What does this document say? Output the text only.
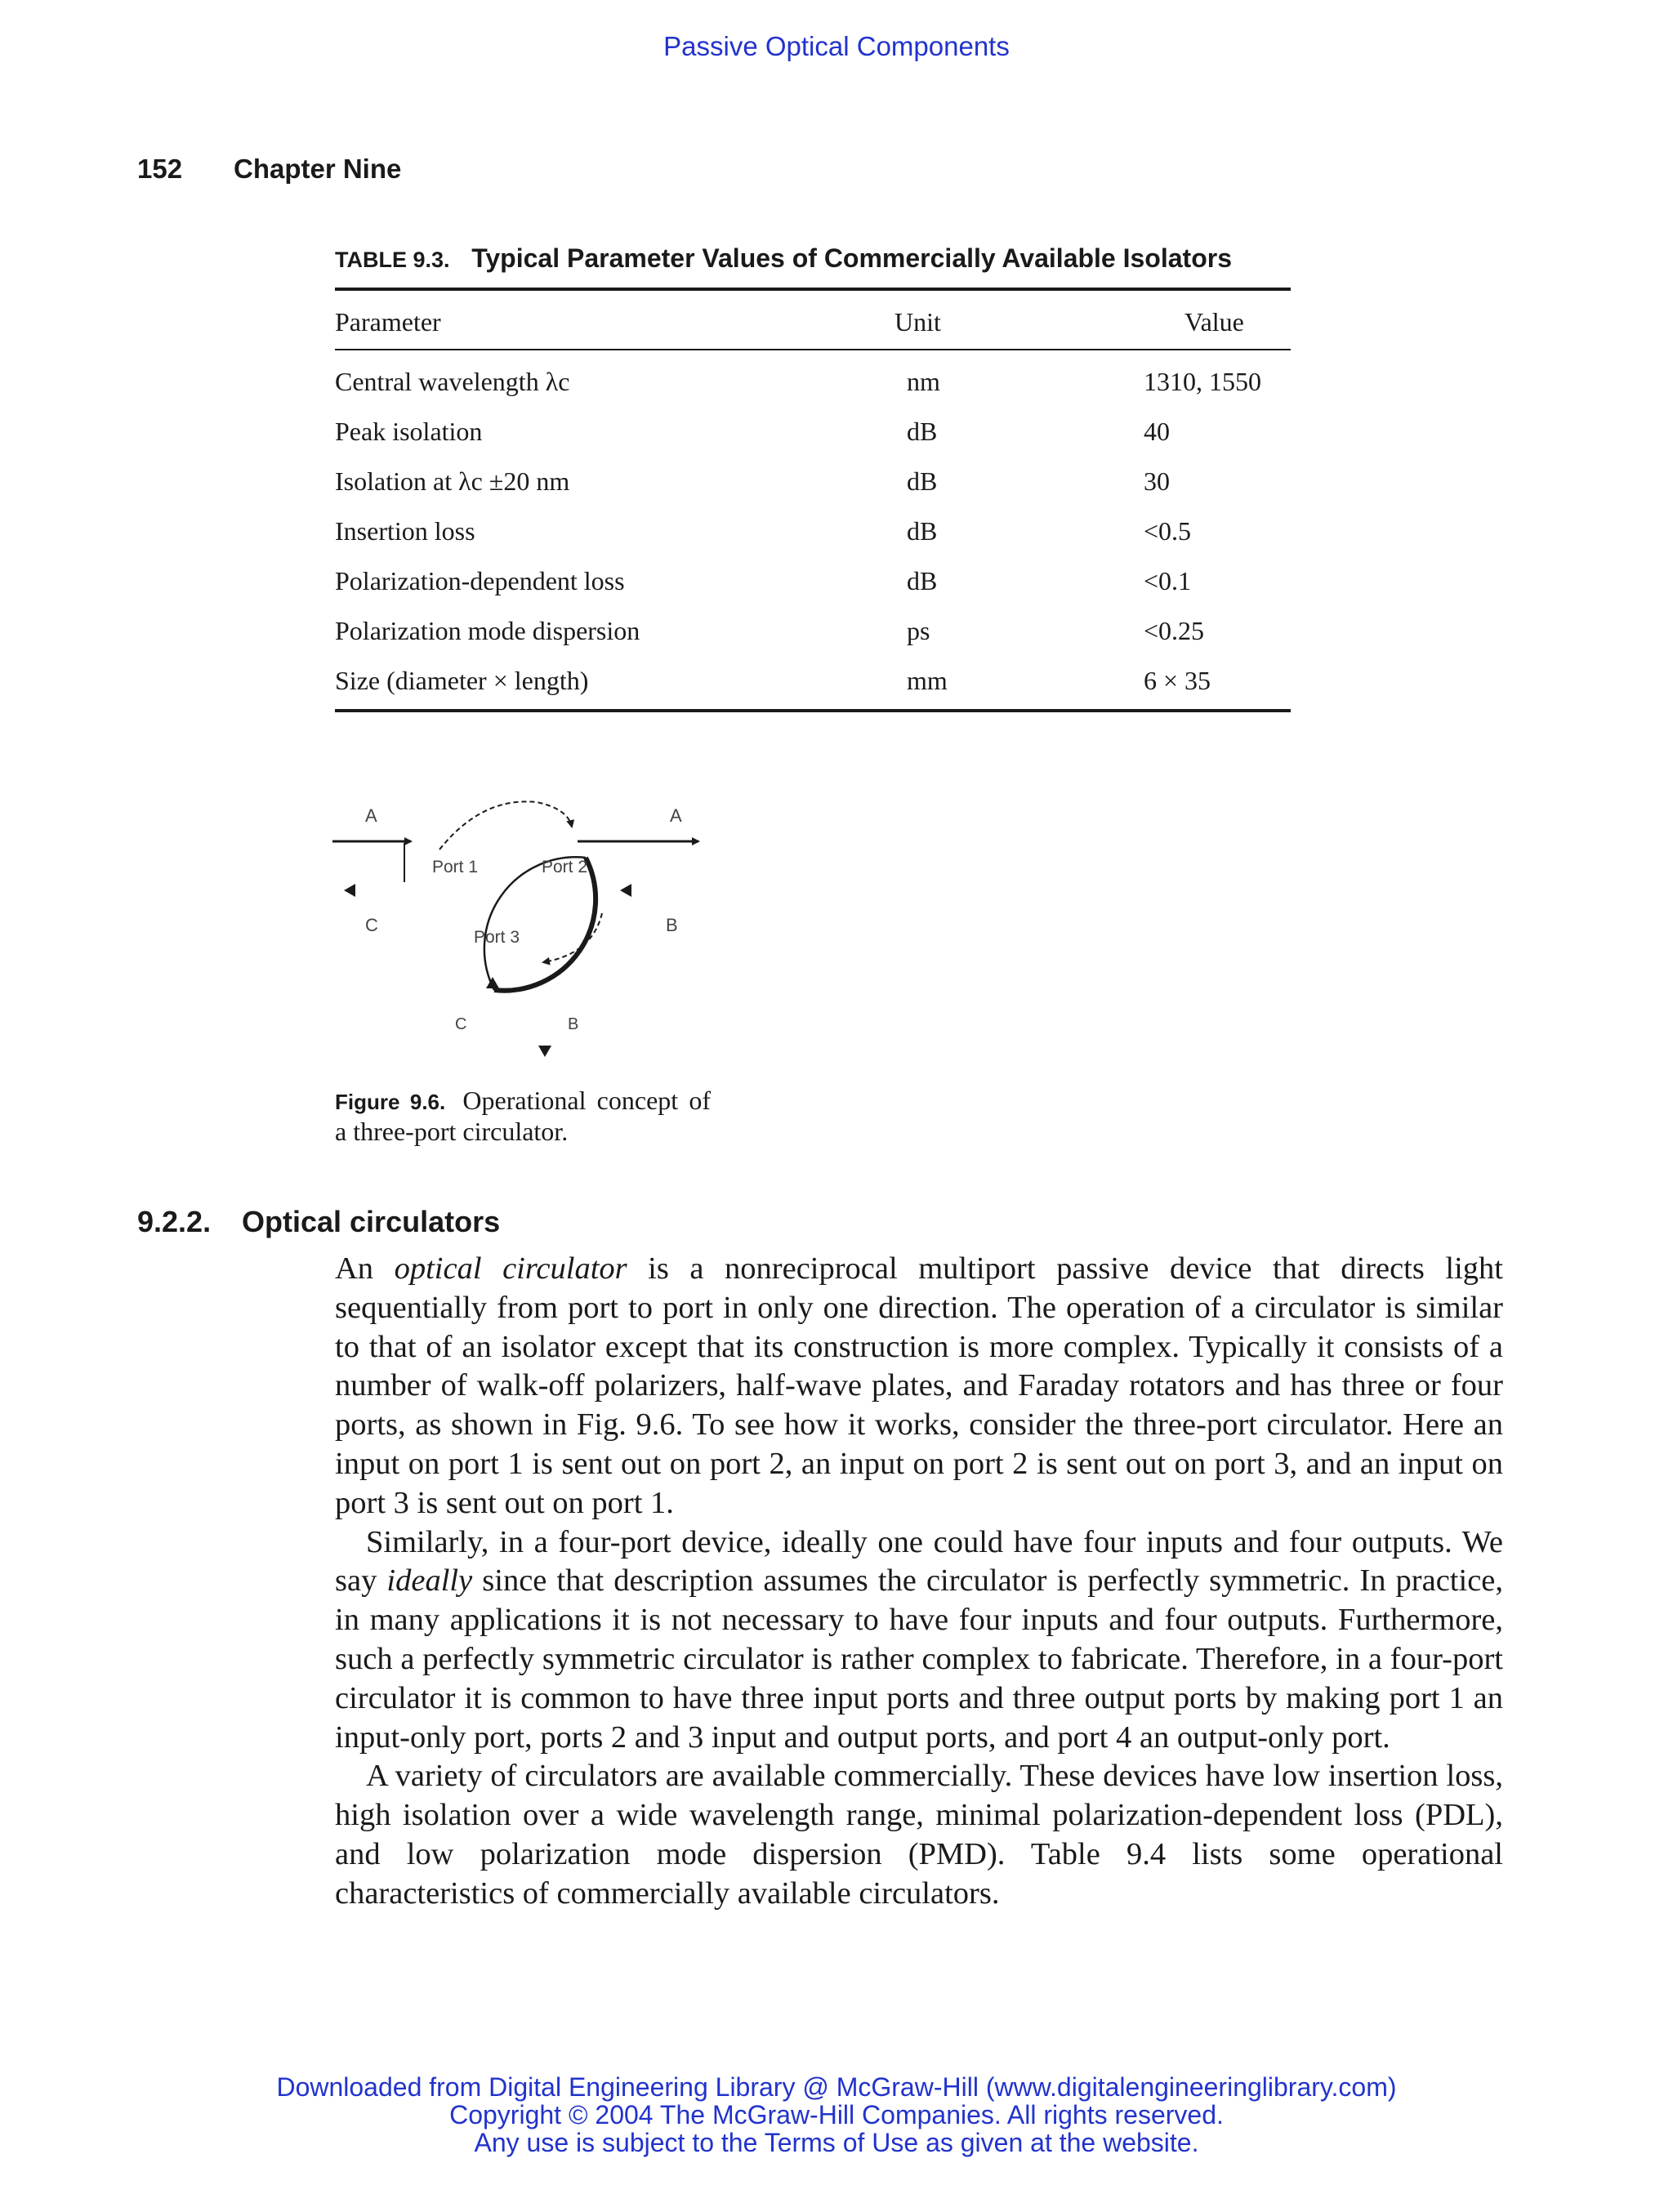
Passive Optical Components
152 Chapter Nine
TABLE 9.3. Typical Parameter Values of Commercially Available Isolators
Parameter	Unit	Value
Central wavelength λc	nm	1310, 1550
Peak isolation	dB	40
Isolation at λc ±20 nm	dB	30
Insertion loss	dB	<0.5
Polarization-dependent loss	dB	<0.1
Polarization mode dispersion	ps	<0.25
Size (diameter × length)	mm	6 × 35
A	A
C	B
Port 1	Port 2
Port 3
C	B
Figure 9.6. Operational concept of a three-port circulator.
9.2.2. Optical circulators

An optical circulator is a nonreciprocal multiport passive device that directs light sequentially from port to port in only one direction. The operation of a circulator is similar to that of an isolator except that its construction is more complex. Typically it consists of a number of walk-off polarizers, half-wave plates, and Faraday rotators and has three or four ports, as shown in Fig. 9.6. To see how it works, consider the three-port circulator. Here an input on port 1 is sent out on port 2, an input on port 2 is sent out on port 3, and an input on port 3 is sent out on port 1.

Similarly, in a four-port device, ideally one could have four inputs and four outputs. We say ideally since that description assumes the circulator is perfectly symmetric. In practice, in many applications it is not necessary to have four inputs and four outputs. Furthermore, such a perfectly symmetric circulator is rather complex to fabricate. Therefore, in a four-port circulator it is common to have three input ports and three output ports by making port 1 an input-only port, ports 2 and 3 input and output ports, and port 4 an output-only port.

A variety of circulators are available commercially. These devices have low insertion loss, high isolation over a wide wavelength range, minimal polarization-dependent loss (PDL), and low polarization mode dispersion (PMD). Table 9.4 lists some operational characteristics of commercially available circulators.

Downloaded from Digital Engineering Library @ McGraw-Hill (www.digitalengineeringlibrary.com)
Copyright © 2004 The McGraw-Hill Companies. All rights reserved.
Any use is subject to the Terms of Use as given at the website.
